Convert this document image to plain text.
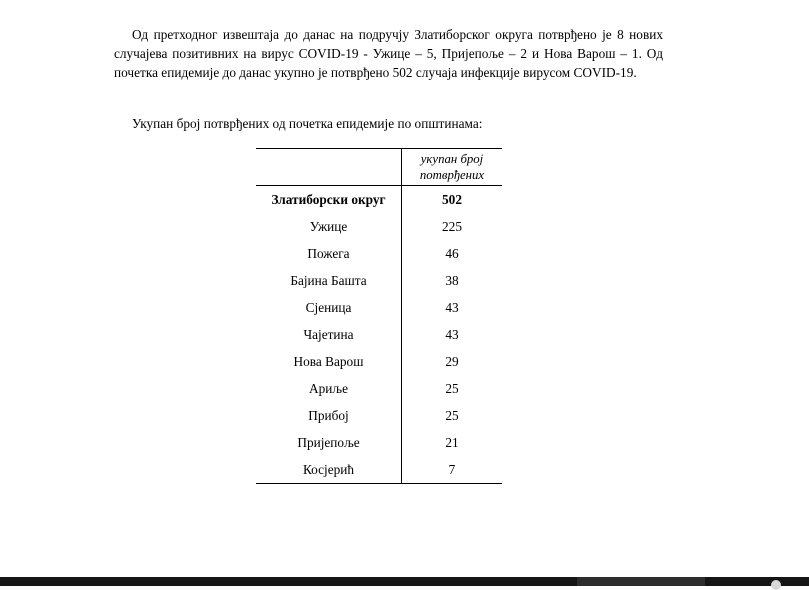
Од претходног извештаја до данас на подручју Златиборског округа потврђено је 8 нових случајева позитивних на вирус COVID-19 - Ужице – 5, Пријепоље – 2 и Нова Варош – 1. Од почетка епидемије до данас укупно је потврђено 502 случаја инфекције вирусом COVID-19.

Укупан број потврђених од почетка епидемије по општинама:

	укупан број потврђених
Златиборски округ	502
Ужице	225
Пожега	46
Бајина Башта	38
Сјеница	43
Чајетина	43
Нова Варош	29
Ариље	25
Прибој	25
Пријепоље	21
Косјерић	7
